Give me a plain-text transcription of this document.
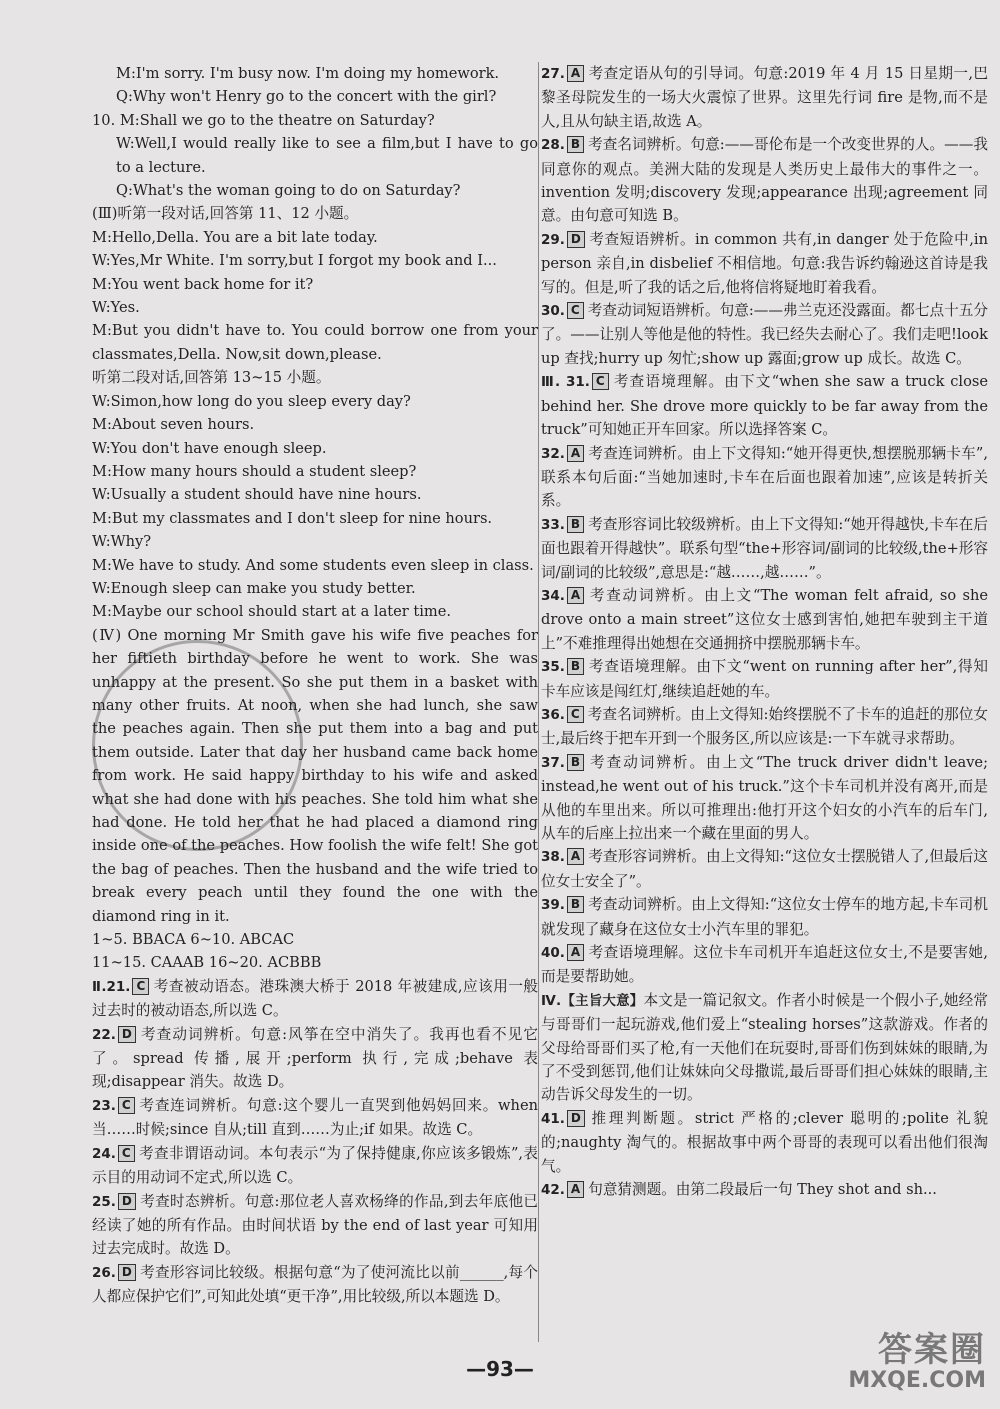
M:I'm sorry. I'm busy now. I'm doing my homework.

Q:Why won't Henry go to the concert with the girl?

10. M:Shall we go to the theatre on Saturday?

W:Well,I would really like to see a film,but I have to go to a lecture.

Q:What's the woman going to do on Saturday?

(Ⅲ)听第一段对话,回答第 11、12 小题。

M:Hello,Della. You are a bit late today.

W:Yes,Mr White. I'm sorry,but I forgot my book and I...

M:You went back home for it?

W:Yes.

M:But you didn't have to. You could borrow one from your classmates,Della. Now,sit down,please.

听第二段对话,回答第 13~15 小题。

W:Simon,how long do you sleep every day?

M:About seven hours.

W:You don't have enough sleep.

M:How many hours should a student sleep?

W:Usually a student should have nine hours.

M:But my classmates and I don't sleep for nine hours.

W:Why?

M:We have to study. And some students even sleep in class.

W:Enough sleep can make you study better.

M:Maybe our school should start at a later time.

(Ⅳ) One morning Mr Smith gave his wife five peaches for her fiftieth birthday before he went to work. She was unhappy at the present. So she put them in a basket with many other fruits. At noon, when she had lunch, she saw the peaches again. Then she put them into a bag and put them outside. Later that day her husband came back home from work. He said happy birthday to his wife and asked what she had done with his peaches. She told him what she had done. He told her that he had placed a diamond ring inside one of the peaches. How foolish the wife felt! She got the bag of peaches. Then the husband and the wife tried to break every peach until they found the one with the diamond ring in it.

1~5. BBACA 6~10. ABCAC

11~15. CAAAB 16~20. ACBBB

Ⅱ.21. C 考查被动语态。港珠澳大桥于 2018 年被建成,应该用一般过去时的被动语态,所以选 C。

22. D 考查动词辨析。句意:风筝在空中消失了。我再也看不见它了。spread 传播,展开;perform 执行,完成;behave 表现;disappear 消失。故选 D。

23. C 考查连词辨析。句意:这个婴儿一直哭到他妈妈回来。when 当……时候;since 自从;till 直到……为止;if 如果。故选 C。

24. C 考查非谓语动词。本句表示“为了保持健康,你应该多锻炼”,表示目的用动词不定式,所以选 C。

25. D 考查时态辨析。句意:那位老人喜欢杨绛的作品,到去年底他已经读了她的所有作品。由时间状语 by the end of last year 可知用过去完成时。故选 D。

26. D 考查形容词比较级。根据句意“为了使河流比以前______,每个人都应保护它们”,可知此处填“更干净”,用比较级,所以本题选 D。

27. A 考查定语从句的引导词。句意:2019 年 4 月 15 日星期一,巴黎圣母院发生的一场大火震惊了世界。这里先行词 fire 是物,而不是人,且从句缺主语,故选 A。

28. B 考查名词辨析。句意:——哥伦布是一个改变世界的人。——我同意你的观点。美洲大陆的发现是人类历史上最伟大的事件之一。invention 发明;discovery 发现;appearance 出现;agreement 同意。由句意可知选 B。

29. D 考查短语辨析。in common 共有,in danger 处于危险中,in person 亲自,in disbelief 不相信地。句意:我告诉约翰逊这首诗是我写的。但是,听了我的话之后,他将信将疑地盯着我看。

30. C 考查动词短语辨析。句意:——弗兰克还没露面。都七点十五分了。——让别人等他是他的特性。我已经失去耐心了。我们走吧!look up 查找;hurry up 匆忙;show up 露面;grow up 成长。故选 C。

Ⅲ. 31. C 考查语境理解。由下文“when she saw a truck close behind her. She drove more quickly to be far away from the truck”可知她正开车回家。所以选择答案 C。

32. A 考查连词辨析。由上下文得知:“她开得更快,想摆脱那辆卡车”,联系本句后面:“当她加速时,卡车在后面也跟着加速”,应该是转折关系。

33. B 考查形容词比较级辨析。由上下文得知:“她开得越快,卡车在后面也跟着开得越快”。联系句型“the+形容词/副词的比较级,the+形容词/副词的比较级”,意思是:“越……,越……”。

34. A 考查动词辨析。由上文“The woman felt afraid, so she drove onto a main street”这位女士感到害怕,她把车驶到主干道上”不难推理得出她想在交通拥挤中摆脱那辆卡车。

35. B 考查语境理解。由下文“went on running after her”,得知卡车应该是闯红灯,继续追赶她的车。

36. C 考查名词辨析。由上文得知:始终摆脱不了卡车的追赶的那位女士,最后终于把车开到一个服务区,所以应该是:一下车就寻求帮助。

37. B 考查动词辨析。由上文“The truck driver didn't leave; instead,he went out of his truck.”这个卡车司机并没有离开,而是从他的车里出来。所以可推理出:他打开这个妇女的小汽车的后车门,从车的后座上拉出来一个藏在里面的男人。

38. A 考查形容词辨析。由上文得知:“这位女士摆脱错人了,但最后这位女士安全了”。

39. B 考查动词辨析。由上文得知:“这位女士停车的地方起,卡车司机就发现了藏身在这位女士小汽车里的罪犯。

40. A 考查语境理解。这位卡车司机开车追赶这位女士,不是要害她,而是要帮助她。

Ⅳ.【主旨大意】本文是一篇记叙文。作者小时候是一个假小子,她经常与哥哥们一起玩游戏,他们爱上“stealing horses”这款游戏。作者的父母给哥哥们买了枪,有一天他们在玩耍时,哥哥们伤到妹妹的眼睛,为了不受到惩罚,他们让妹妹向父母撒谎,最后哥哥们担心妹妹的眼睛,主动告诉父母发生的一切。

41. D 推理判断题。strict 严格的;clever 聪明的;polite 礼貌的;naughty 淘气的。根据故事中两个哥哥的表现可以看出他们很淘气。

42. A 句意猜测题。由第二段最后一句 They shot and sh...

—93—	答案圈
MXQE.COM
